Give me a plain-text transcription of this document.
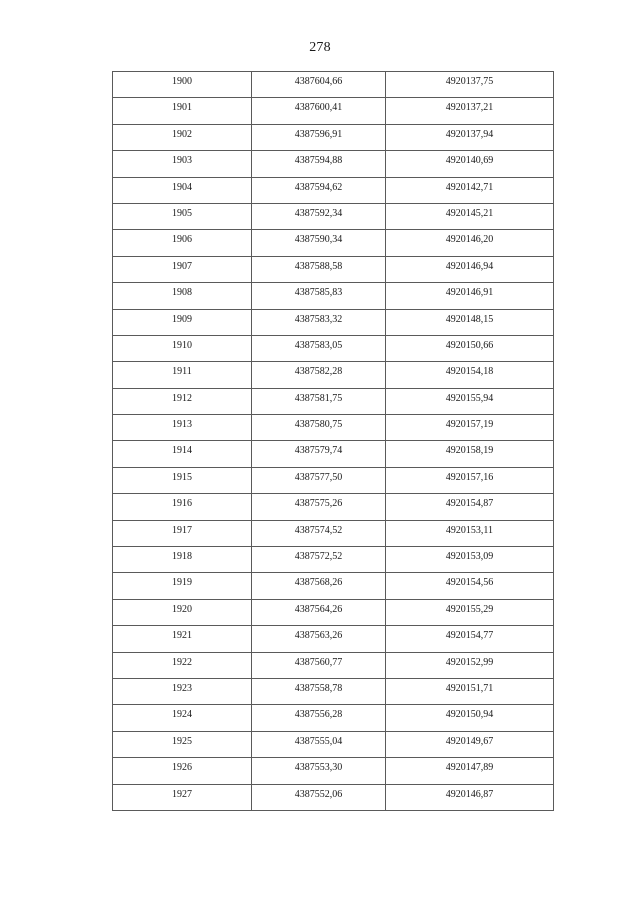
278
1900	4387604,66	4920137,75
1901	4387600,41	4920137,21
1902	4387596,91	4920137,94
1903	4387594,88	4920140,69
1904	4387594,62	4920142,71
1905	4387592,34	4920145,21
1906	4387590,34	4920146,20
1907	4387588,58	4920146,94
1908	4387585,83	4920146,91
1909	4387583,32	4920148,15
1910	4387583,05	4920150,66
1911	4387582,28	4920154,18
1912	4387581,75	4920155,94
1913	4387580,75	4920157,19
1914	4387579,74	4920158,19
1915	4387577,50	4920157,16
1916	4387575,26	4920154,87
1917	4387574,52	4920153,11
1918	4387572,52	4920153,09
1919	4387568,26	4920154,56
1920	4387564,26	4920155,29
1921	4387563,26	4920154,77
1922	4387560,77	4920152,99
1923	4387558,78	4920151,71
1924	4387556,28	4920150,94
1925	4387555,04	4920149,67
1926	4387553,30	4920147,89
1927	4387552,06	4920146,87
